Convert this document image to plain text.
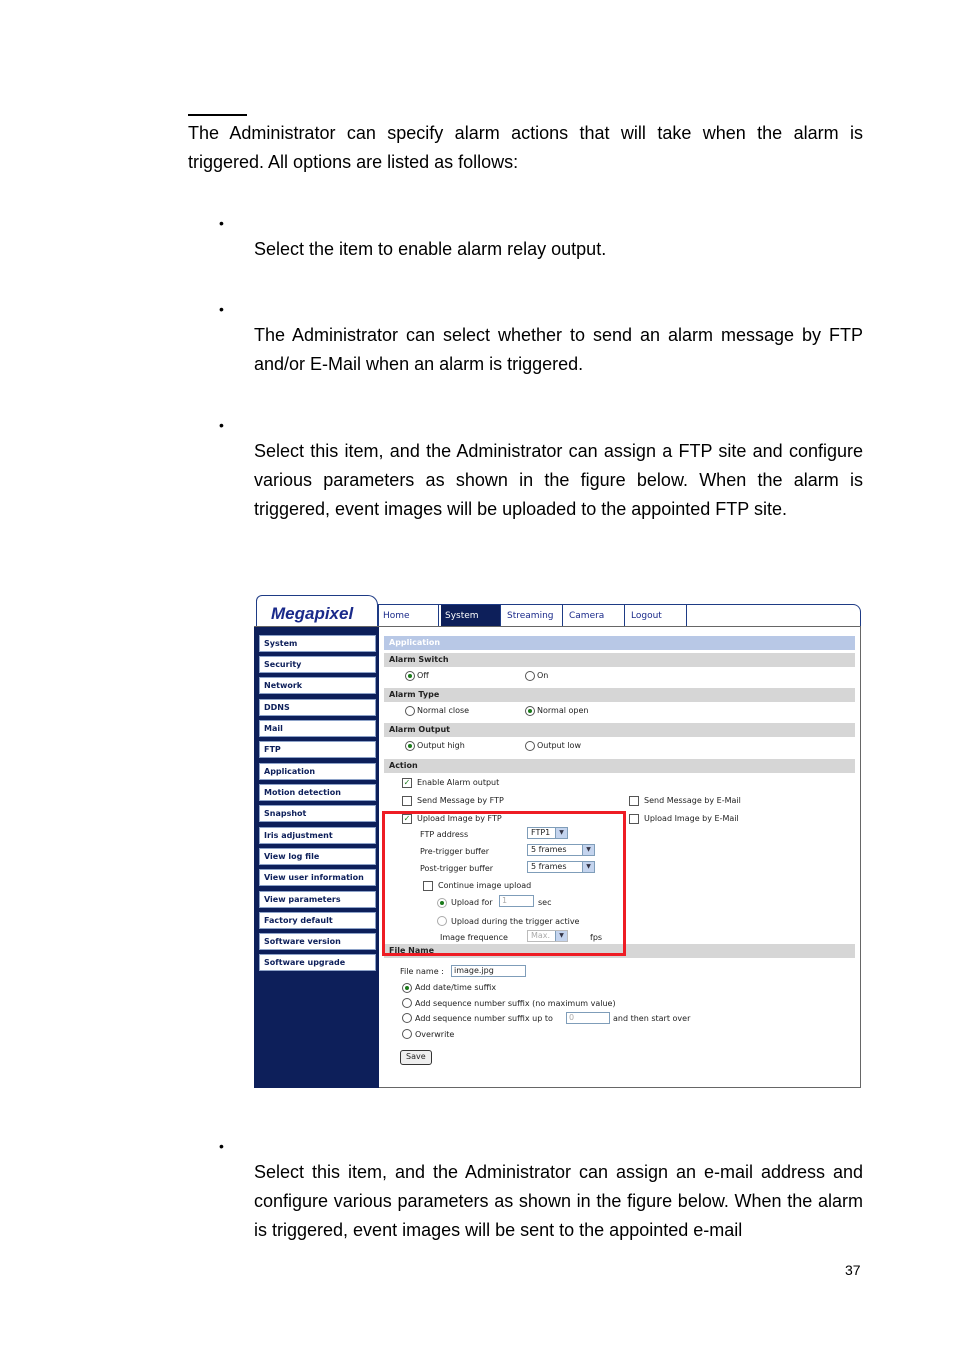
The Administrator can specify alarm actions that will take when the alarm is triggered. All options are listed as follows:
•
Select the item to enable alarm relay output.
•
The Administrator can select whether to send an alarm message by FTP and/or E-Mail when an alarm is triggered.
•
Select this item, and the Administrator can assign a FTP site and configure various parameters as shown in the figure below. When the alarm is triggered, event images will be uploaded to the appointed FTP site.
Megapixel	Home	System	Streaming	Camera	Logout
System
Security
Network
DDNS
Mail
FTP
Application
Motion detection
Snapshot
Iris adjustment
View log file
View user information
View parameters
Factory default
Software version
Software upgrade
Application
Alarm Switch
Off	On
Alarm Type
Normal close	Normal open
Alarm Output
Output high	Output low
Action
✓ Enable Alarm output
Send Message by FTP	Send Message by E-Mail
✓ Upload Image by FTP	Upload Image by E-Mail
FTP address	FTP1	▼
Pre-trigger buffer	5 frames	▼
Post-trigger buffer	5 frames	▼
Continue image upload
Upload for	1	sec
Upload during the trigger active
Image frequence	Max.	▼	fps
File Name
File name :	image.jpg
Add date/time suffix
Add sequence number suffix (no maximum value)
Add sequence number suffix up to	0	and then start over
Overwrite
Save
•
Select this item, and the Administrator can assign an e-mail address and configure various parameters as shown in the figure below. When the alarm is triggered, event images will be sent to the appointed e-mail
37
